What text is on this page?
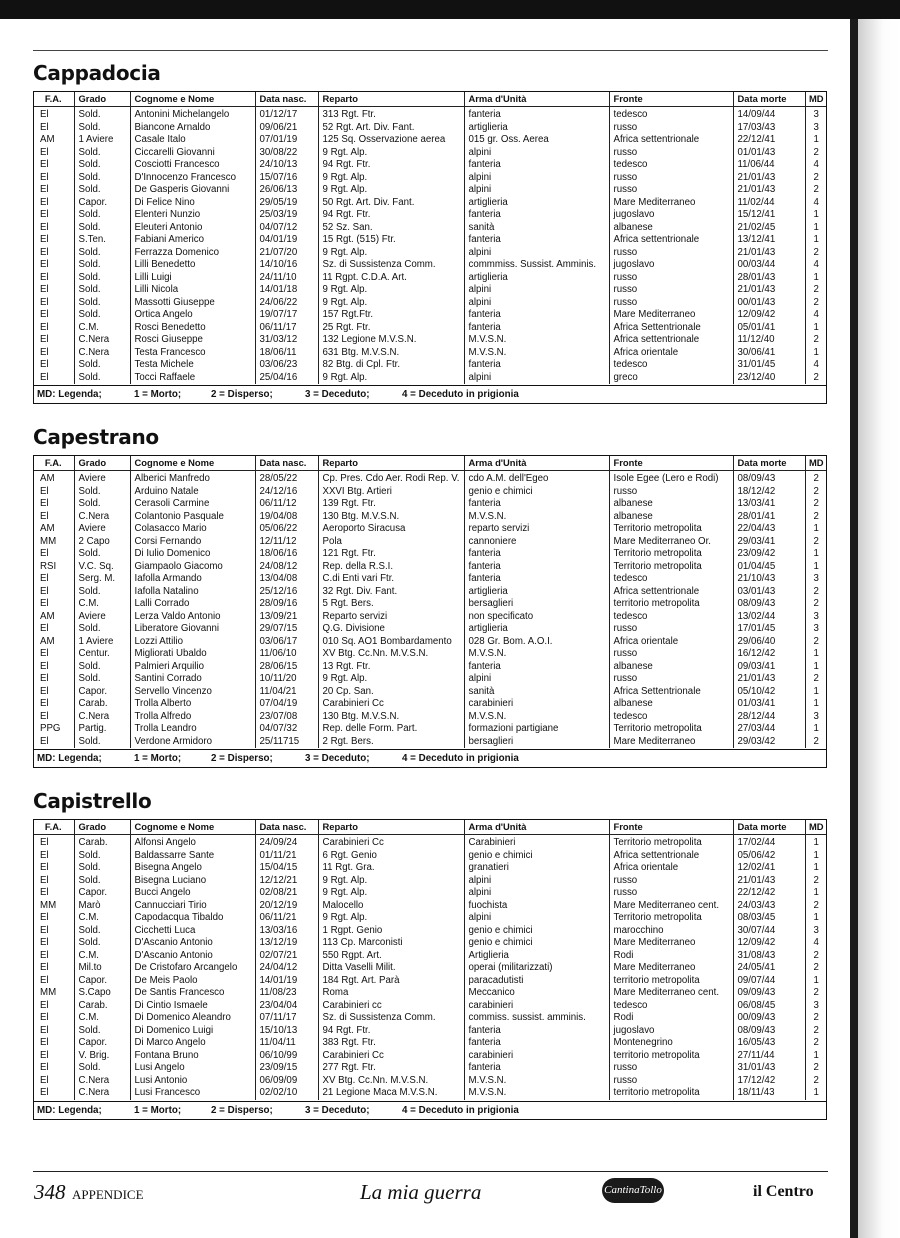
Cappadocia
F.A.	Grado	Cognome e Nome	Data nasc.	Reparto	Arma d'Unità	Fronte	Data morte	MD
El	Sold.	Antonini Michelangelo	01/12/17	313 Rgt. Ftr.	fanteria	tedesco	14/09/44	3
El	Sold.	Biancone Arnaldo	09/06/21	52 Rgt. Art. Div. Fant.	artiglieria	russo	17/03/43	3
AM	1 Aviere	Casale Italo	07/01/19	125 Sq. Osservazione aerea	015 gr. Oss. Aerea	Africa settentrionale	22/12/41	1
El	Sold.	Ciccarelli Giovanni	30/08/22	9 Rgt. Alp.	alpini	russo	01/01/43	2
El	Sold.	Cosciotti Francesco	24/10/13	94 Rgt. Ftr.	fanteria	tedesco	11/06/44	4
El	Sold.	D'Innocenzo Francesco	15/07/16	9 Rgt. Alp.	alpini	russo	21/01/43	2
El	Sold.	De Gasperis Giovanni	26/06/13	9 Rgt. Alp.	alpini	russo	21/01/43	2
El	Capor.	Di Felice Nino	29/05/19	50 Rgt. Art. Div. Fant.	artiglieria	Mare Mediterraneo	11/02/44	4
El	Sold.	Elenteri Nunzio	25/03/19	94 Rgt. Ftr.	fanteria	jugoslavo	15/12/41	1
El	Sold.	Eleuteri Antonio	04/07/12	52 Sz. San.	sanità	albanese	21/02/45	1
El	S.Ten.	Fabiani Americo	04/01/19	15 Rgt. (515) Ftr.	fanteria	Africa settentrionale	13/12/41	1
El	Sold.	Ferrazza Domenico	21/07/20	9 Rgt. Alp.	alpini	russo	21/01/43	2
El	Sold.	Lilli Benedetto	14/10/16	Sz. di Sussistenza Comm.	commmiss. Sussist. Amminis.	jugoslavo	00/03/44	4
El	Sold.	Lilli Luigi	24/11/10	11 Rgpt. C.D.A. Art.	artiglieria	russo	28/01/43	1
El	Sold.	Lilli Nicola	14/01/18	9 Rgt. Alp.	alpini	russo	21/01/43	2
El	Sold.	Massotti Giuseppe	24/06/22	9 Rgt. Alp.	alpini	russo	00/01/43	2
El	Sold.	Ortica Angelo	19/07/17	157 Rgt.Ftr.	fanteria	Mare Mediterraneo	12/09/42	4
El	C.M.	Rosci Benedetto	06/11/17	25 Rgt. Ftr.	fanteria	Africa Settentrionale	05/01/41	1
El	C.Nera	Rosci Giuseppe	31/03/12	132 Legione M.V.S.N.	M.V.S.N.	Africa settentrionale	11/12/40	2
El	C.Nera	Testa Francesco	18/06/11	631 Btg. M.V.S.N.	M.V.S.N.	Africa orientale	30/06/41	1
El	Sold.	Testa Michele	03/06/23	82 Btg. di Cpl. Ftr.	fanteria	tedesco	31/01/45	4
El	Sold.	Tocci Raffaele	25/04/16	9 Rgt. Alp.	alpini	greco	23/12/40	2
MD: Legenda;	1 = Morto;	2 = Disperso;	3 = Deceduto;	4 = Deceduto in prigionia
Capestrano
F.A.	Grado	Cognome e Nome	Data nasc.	Reparto	Arma d'Unità	Fronte	Data morte	MD
AM	Aviere	Alberici Manfredo	28/05/22	Cp. Pres. Cdo Aer. Rodi Rep. V.	cdo A.M. dell'Egeo	Isole Egee (Lero e Rodi)	08/09/43	2
El	Sold.	Arduino Natale	24/12/16	XXVI Btg. Artieri	genio e chimici	russo	18/12/42	2
El	Sold.	Cerasoli Carmine	06/11/12	139 Rgt. Ftr.	fanteria	albanese	13/03/41	2
El	C.Nera	Colantonio Pasquale	19/04/08	130 Btg. M.V.S.N.	M.V.S.N.	albanese	28/01/41	2
AM	Aviere	Colasacco Mario	05/06/22	Aeroporto Siracusa	reparto servizi	Territorio metropolita	22/04/43	1
MM	2 Capo	Corsi Fernando	12/11/12	Pola	cannoniere	Mare Mediterraneo Or.	29/03/41	2
El	Sold.	Di Iulio Domenico	18/06/16	121 Rgt. Ftr.	fanteria	Territorio metropolita	23/09/42	1
RSI	V.C. Sq.	Giampaolo Giacomo	24/08/12	Rep. della R.S.I.	fanteria	Territorio metropolita	01/04/45	1
El	Serg. M.	Iafolla Armando	13/04/08	C.di Enti vari Ftr.	fanteria	tedesco	21/10/43	3
El	Sold.	Iafolla Natalino	25/12/16	32 Rgt. Div. Fant.	artiglieria	Africa settentrionale	03/01/43	2
El	C.M.	Lalli Corrado	28/09/16	5 Rgt. Bers.	bersaglieri	territorio metropolita	08/09/43	2
AM	Aviere	Lerza Valdo Antonio	13/09/21	Reparto servizi	non specificato	tedesco	13/02/44	3
El	Sold.	Liberatore Giovanni	29/07/15	Q.G. Divisione	artiglieria	russo	17/01/45	3
AM	1 Aviere	Lozzi Attilio	03/06/17	010 Sq. AO1 Bombardamento	028 Gr. Bom. A.O.I.	Africa orientale	29/06/40	2
El	Centur.	Migliorati Ubaldo	11/06/10	XV Btg. Cc.Nn. M.V.S.N.	M.V.S.N.	russo	16/12/42	1
El	Sold.	Palmieri Arquilio	28/06/15	13 Rgt. Ftr.	fanteria	albanese	09/03/41	1
El	Sold.	Santini Corrado	10/11/20	9 Rgt. Alp.	alpini	russo	21/01/43	2
El	Capor.	Servello Vincenzo	11/04/21	20 Cp. San.	sanità	Africa Settentrionale	05/10/42	1
El	Carab.	Trolla Alberto	07/04/19	Carabinieri Cc	carabinieri	albanese	01/03/41	1
El	C.Nera	Trolla Alfredo	23/07/08	130 Btg. M.V.S.N.	M.V.S.N.	tedesco	28/12/44	3
PPG	Partig.	Trolla Leandro	04/07/32	Rep. delle Form. Part.	formazioni partigiane	Territorio metropolita	27/03/44	1
El	Sold.	Verdone Armidoro	25/11715	2 Rgt. Bers.	bersaglieri	Mare Mediterraneo	29/03/42	2
MD: Legenda;	1 = Morto;	2 = Disperso;	3 = Deceduto;	4 = Deceduto in prigionia
Capistrello
F.A.	Grado	Cognome e Nome	Data nasc.	Reparto	Arma d'Unità	Fronte	Data morte	MD
El	Carab.	Alfonsi Angelo	24/09/24	Carabinieri Cc	Carabinieri	Territorio metropolita	17/02/44	1
El	Sold.	Baldassarre Sante	01/11/21	6 Rgt. Genio	genio e chimici	Africa settentrionale	05/06/42	1
El	Sold.	Bisegna Angelo	15/04/15	11 Rgt. Gra.	granatieri	Africa orientale	12/02/41	1
El	Sold.	Bisegna Luciano	12/12/21	9 Rgt. Alp.	alpini	russo	21/01/43	2
El	Capor.	Bucci Angelo	02/08/21	9 Rgt. Alp.	alpini	russo	22/12/42	1
MM	Marò	Cannucciari Tirio	20/12/19	Malocello	fuochista	Mare Mediterraneo cent.	24/03/43	2
El	C.M.	Capodacqua Tibaldo	06/11/21	9 Rgt. Alp.	alpini	Territorio metropolita	08/03/45	1
El	Sold.	Cicchetti Luca	13/03/16	1 Rgpt. Genio	genio e chimici	marocchino	30/07/44	3
El	Sold.	D'Ascanio Antonio	13/12/19	113 Cp. Marconisti	genio e chimici	Mare Mediterraneo	12/09/42	4
El	C.M.	D'Ascanio Antonio	02/07/21	550 Rgpt. Art.	Artiglieria	Rodi	31/08/43	2
El	Mil.to	De Cristofaro Arcangelo	24/04/12	Ditta Vaselli Milit.	operai (militarizzati)	Mare Mediterraneo	24/05/41	2
El	Capor.	De Meis Paolo	14/01/19	184 Rgt. Art. Parà	paracadutisti	territorio metropolita	09/07/44	1
MM	S.Capo	De Santis Francesco	11/08/23	Roma	Meccanico	Mare Mediterraneo cent.	09/09/43	2
El	Carab.	Di Cintio Ismaele	23/04/04	Carabinieri cc	carabinieri	tedesco	06/08/45	3
El	C.M.	Di Domenico Aleandro	07/11/17	Sz. di Sussistenza Comm.	commiss. sussist. amminis.	Rodi	00/09/43	2
El	Sold.	Di Domenico Luigi	15/10/13	94 Rgt. Ftr.	fanteria	jugoslavo	08/09/43	2
El	Capor.	Di Marco Angelo	11/04/11	383 Rgt. Ftr.	fanteria	Montenegrino	16/05/43	2
El	V. Brig.	Fontana Bruno	06/10/99	Carabinieri Cc	carabinieri	territorio metropolita	27/11/44	1
El	Sold.	Lusi Angelo	23/09/15	277 Rgt. Ftr.	fanteria	russo	31/01/43	2
El	C.Nera	Lusi Antonio	06/09/09	XV Btg. Cc.Nn. M.V.S.N.	M.V.S.N.	russo	17/12/42	2
El	C.Nera	Lusi Francesco	02/02/10	21 Legione Maca M.V.S.N.	M.V.S.N.	territorio metropolita	18/11/43	1
MD: Legenda;	1 = Morto;	2 = Disperso;	3 = Deceduto;	4 = Deceduto in prigionia
348 APPENDICE	La mia guerra	CantinaTollo	il Centro
